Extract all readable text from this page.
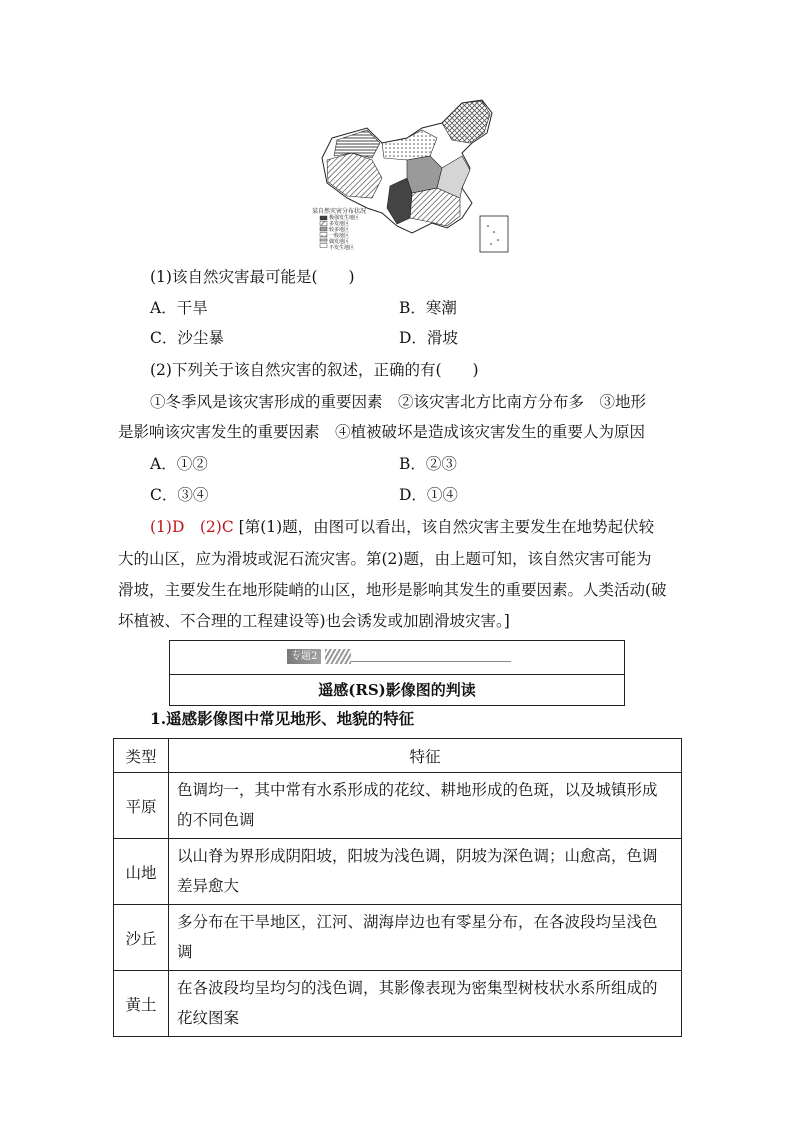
某自然灾害分布状况
极强发生地区
多发地区
较多地区
一般地区
偶发地区
不发生地区
(1)该自然灾害最可能是(　　)
A．干旱	B．寒潮
C．沙尘暴	D．滑坡
(2)下列关于该自然灾害的叙述，正确的有(　　)
①冬季风是该灾害形成的重要因素　②该灾害北方比南方分布多　③地形
是影响该灾害发生的重要因素　④植被破坏是造成该灾害发生的重要人为原因
A．①②	B．②③
C．③④	D．①④
(1)D　(2)C [第(1)题，由图可以看出，该自然灾害主要发生在地势起伏较
大的山区，应为滑坡或泥石流灾害。第(2)题，由上题可知，该自然灾害可能为
滑坡，主要发生在地形陡峭的山区，地形是影响其发生的重要因素。人类活动(破
坏植被、不合理的工程建设等)也会诱发或加剧滑坡灾害。]
专题2
遥感(RS)影像图的判读
1.遥感影像图中常见地形、地貌的特征
类型	特征
平原	色调均一，其中常有水系形成的花纹、耕地形成的色斑，以及城镇形成
的不同色调

山地	以山脊为界形成阴阳坡，阳坡为浅色调，阴坡为深色调；山愈高，色调
差异愈大

沙丘	多分布在干旱地区，江河、湖海岸边也有零星分布，在各波段均呈浅色
调

黄土	在各波段均呈均匀的浅色调，其影像表现为密集型树枝状水系所组成的
花纹图案
